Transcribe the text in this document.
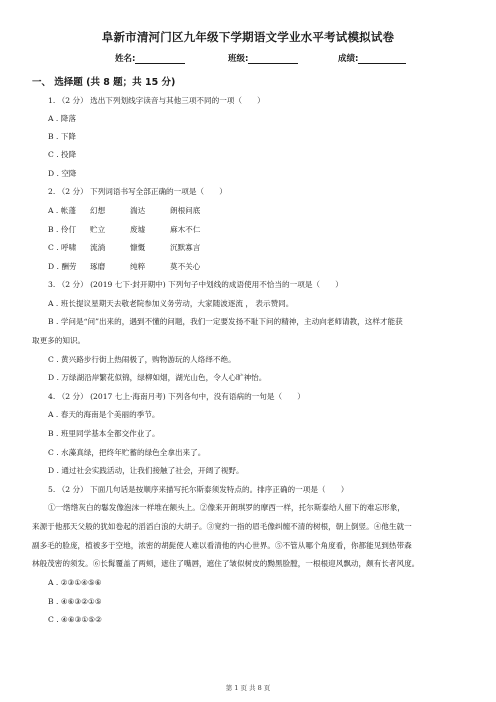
阜新市清河门区九年级下学期语文学业水平考试模拟试卷
姓名:	班级:	成绩:
一、 选择题 (共 8 题；共 15 分)
1. （2 分） 选出下列划线字读音与其他三项不同的一项（　　）
A . 降落
B . 下降
C . 投降
D . 空降
2. （2 分） 下列词语书写全部正确的一项是（　　）
A . 帐蓬 幻想	湍达	朗根问底
B . 伶仃 贮立	废墟	麻木不仁
C . 呼啸 流淌	慷慨	沉默寡言
D . 酬劳 琢磨	纯粹	莫不关心
3. （2 分） (2019 七下·封开期中) 下列句子中划线的成语使用不恰当的一项是（　　）
A . 班长提议星期天去敬老院参加义务劳动，大家随波逐流 ， 表示赞同。
B . 学问是“问”出来的，遇到不懂的问题，我们一定要发扬不耻下问的精神，主动向老师请教，这样才能获
取更多的知识。
C . 黄兴路步行街上热闹极了，购物游玩的人络绎不绝。
D . 万绿湖沿岸繁花似锦，绿柳如烟，湖光山色，令人心旷神怡。
4. （2 分） (2017 七上·海南月考) 下列各句中，没有语病的一句是（　　）
A . 春天的海南是个美丽的季节。
B . 班里同学基本全都交作业了。
C . 水藻真绿，把终年贮蓄的绿色全拿出来了。
D . 通过社会实践活动，让我们接触了社会，开阔了视野。
5. （2 分） 下面几句话是按顺序来描写托尔斯泰须发特点的。排序正确的一项是（　　）
①一绺绺灰白的鬈发像泡沫一样堆在额头上。②像来开朗琪罗的摩西一样，托尔斯泰给人留下的难忘形象，
来源于他那天父般的犹如卷起的滔滔白浪的大胡子。③宽约一指的眉毛像纠缠不清的树根，朝上倒竖。④他生就一
副多毛的脸庞，植被多于空地，浓密的胡髭使人难以看清他的内心世界。⑤不管从哪个角度看，你都能见到热带森
林般茂密的须发。⑥长髯覆盖了两颊，遮住了嘴唇，遮住了皱似树皮的黝黑脸膛，一根根迎风飘动，颇有长者风度。
A . ②③①④⑤⑥
B . ④⑥③②①⑤
C . ④⑥③①⑤②
第 1 页 共 8 页
